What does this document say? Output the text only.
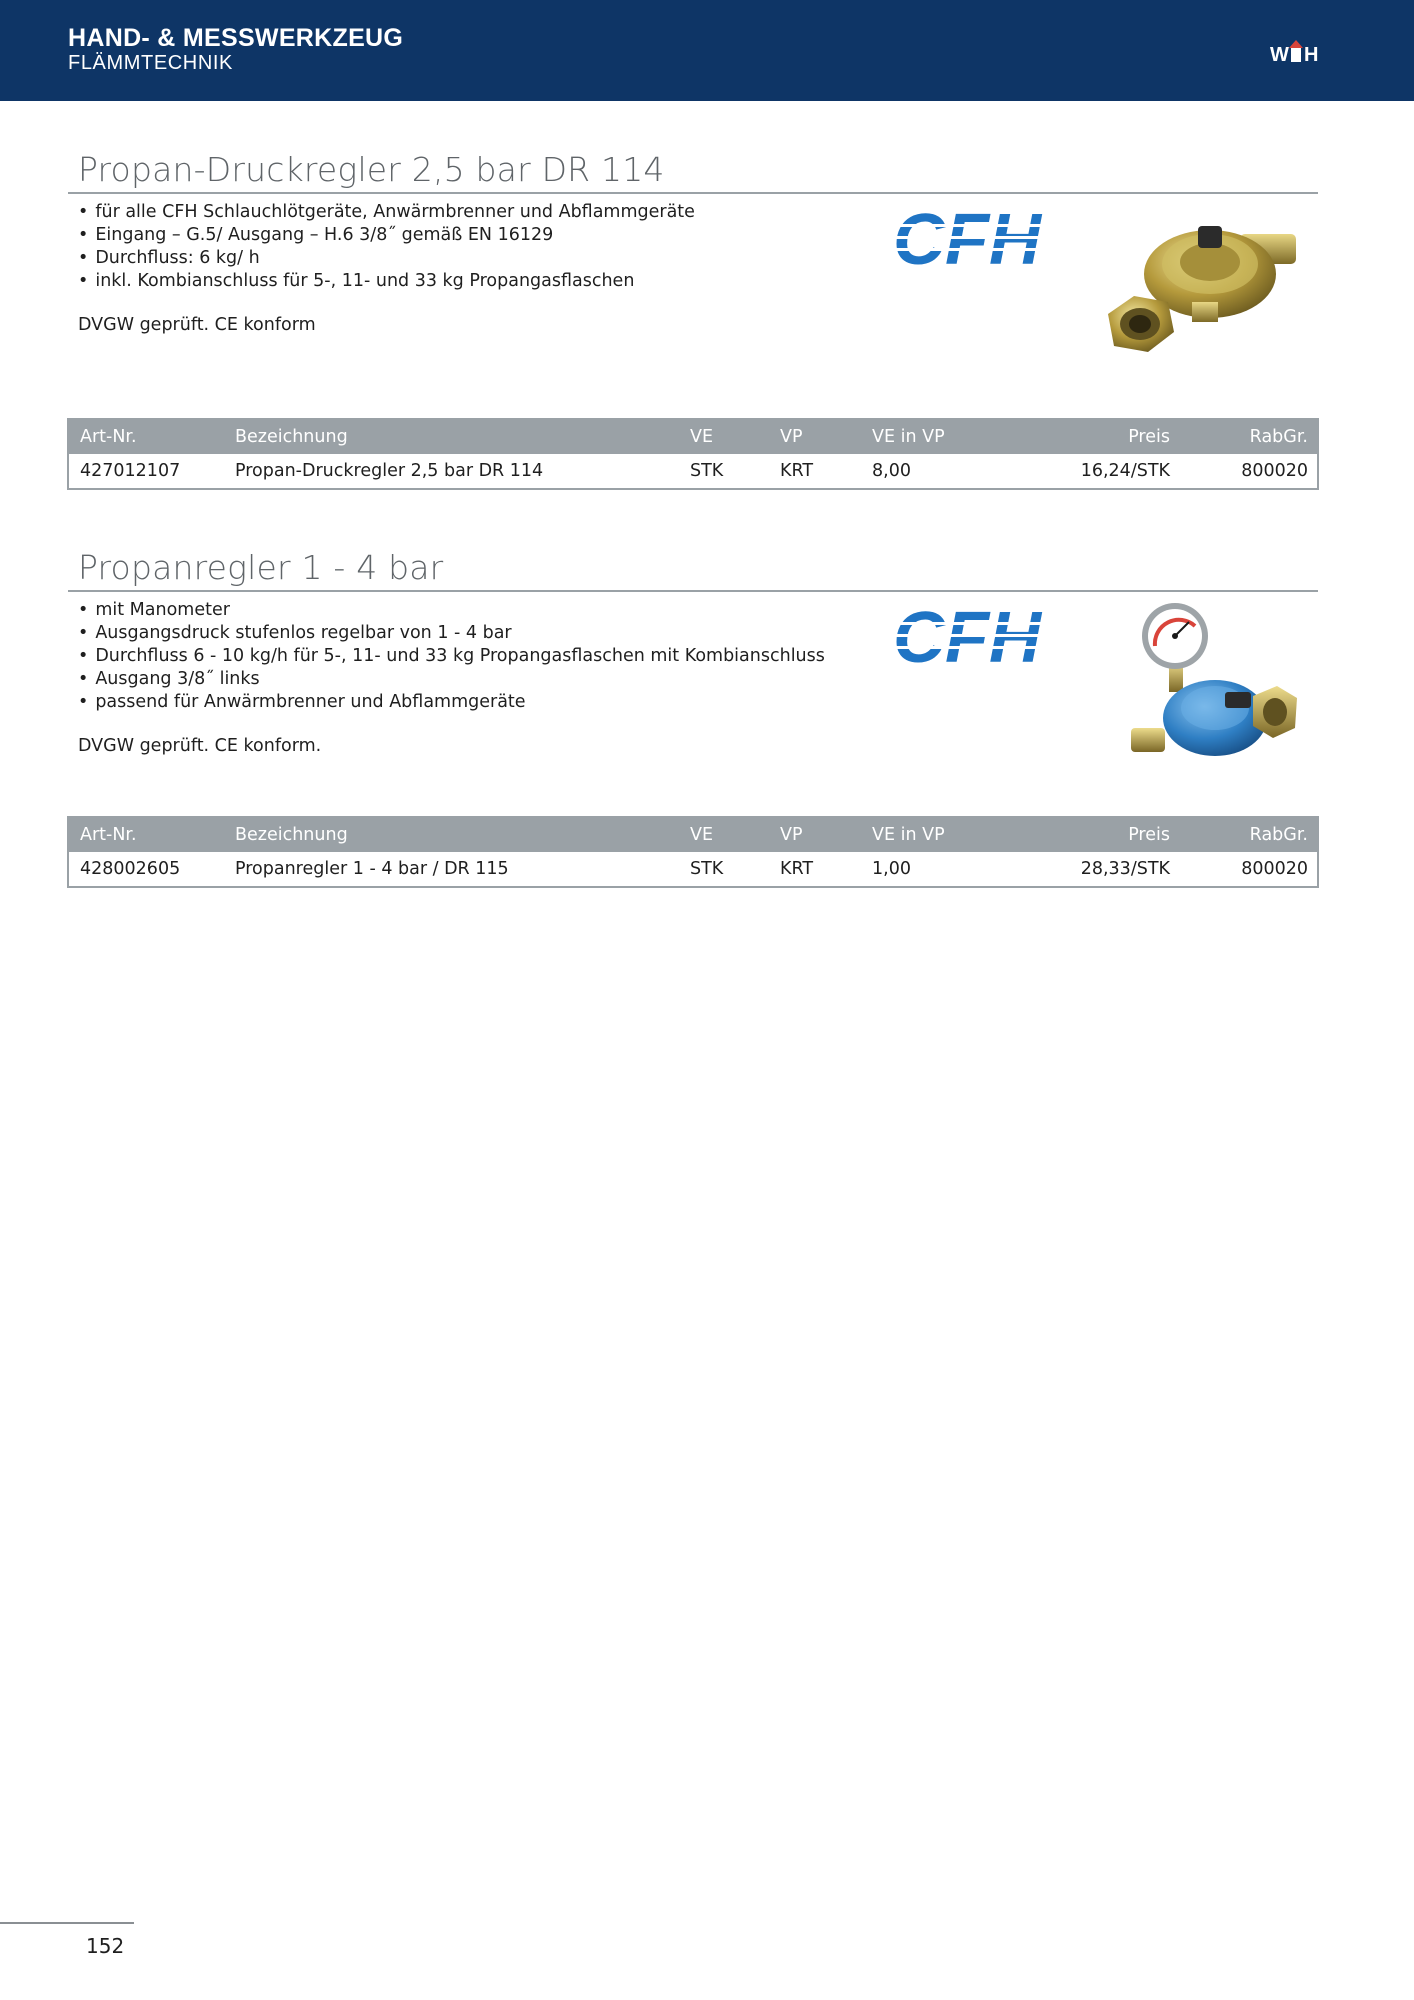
HAND- & MESSWERKZEUG
FLÄMMTECHNIK	W H
Propan-Druckregler 2,5 bar DR 114
• für alle CFH Schlauchlötgeräte, Anwärmbrenner und Abflammgeräte
• Eingang – G.5/ Ausgang – H.6 3/8˝ gemäß EN 16129
• Durchfluss: 6 kg/ h
• inkl. Kombianschluss für 5-, 11- und 33 kg Propangasflaschen
DVGW geprüft. CE konform
Art-Nr.	Bezeichnung	VE	VP	VE in VP	Preis	RabGr.
427012107	Propan-Druckregler 2,5 bar DR 114	STK	KRT	8,00	16,24/STK	800020
Propanregler 1 - 4 bar
• mit Manometer
• Ausgangsdruck stufenlos regelbar von 1 - 4 bar
• Durchfluss 6 - 10 kg/h für 5-, 11- und 33 kg Propangasflaschen mit Kombianschluss
• Ausgang 3/8˝ links
• passend für Anwärmbrenner und Abflammgeräte
DVGW geprüft. CE konform.
Art-Nr.	Bezeichnung	VE	VP	VE in VP	Preis	RabGr.
428002605	Propanregler 1 - 4 bar / DR 115	STK	KRT	1,00	28,33/STK	800020
152
